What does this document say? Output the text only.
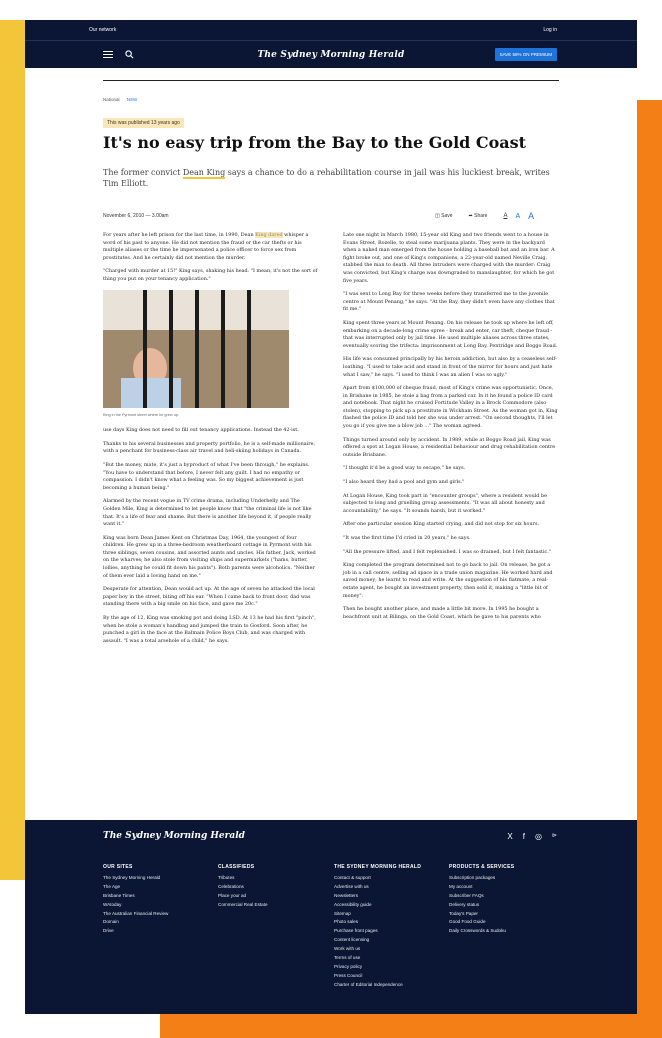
Our network	Log in
The Sydney Morning Herald	SAVE 58% ON PREMIUM
National NSW
This was published 13 years ago
It's no easy trip from the Bay to the Gold Coast
The former convict Dean King says a chance to do a rehabilitation course in jail was his luckiest break, writes Tim Elliott.
November 6, 2010 — 3.00am	◫ Save	➦ Share	A A A

For years after he left prison for the last time, in 1990, Dean King dared whisper a word of his past to anyone. He did not mention the fraud or the car thefts or his multiple aliases or the time he impersonated a police officer to force sex from prostitutes. And he certainly did not mention the murder.

"Charged with murder at 15!" King says, shaking his head. "I mean, it's not the sort of thing you put on your tenancy application."

King in the Pyrmont street where he grew up.

use days King does not need to fill out tenancy applications. Instead the 42-ist.

Thanks to his several businesses and property portfolio, he is a self-made millionaire, with a penchant for business-class air travel and heli-skiing holidays in Canada.

"But the money, mate, it's just a byproduct of what I've been through," he explains. "You have to understand that before, I never felt any guilt. I had no empathy or compassion. I didn't know what a feeling was. So my biggest achievement is just becoming a human being."

Alarmed by the recent vogue in TV crime drama, including Underbelly and The Golden Mile, King is determined to let people know that "the criminal life is not like that. It's a life of fear and shame. But there is another life beyond it, if people really want it."

King was born Dean James Kent on Christmas Day, 1964, the youngest of four children. He grew up in a three-bedroom weatherboard cottage in Pyrmont with his three siblings, seven cousins, and assorted aunts and uncles. His father, Jack, worked on the wharves; he also stole from visiting ships and supermarkets ("hams, butter, lollies, anything he could fit down his pants"). Both parents were alcoholics. "Neither of them ever laid a loving hand on me."

Desperate for attention, Dean would act up. At the age of seven he attacked the local paper boy in the street, biting off his ear. "When I came back to front door, dad was standing there with a big smile on his face, and gave me 20c."

By the age of 12, King was smoking pot and doing LSD. At 13 he had his first "pinch", when he stole a woman's handbag and jumped the train to Gosford. Soon after, he punched a girl in the face at the Balmain Police Boys Club, and was charged with assault. "I was a total arsehole of a child," he says.

Late one night in March 1980, 15-year old King and two friends went to a house in Evans Street, Rozelle, to steal some marijuana plants. They were in the backyard when a naked man emerged from the house holding a baseball bat and an iron bar. A fight broke out, and one of King's companions, a 22-year-old named Neville Craig, stabbed the man to death. All three intruders were charged with the murder: Craig was convicted, but King's charge was downgraded to manslaughter, for which he got five years.

"I was sent to Long Bay for three weeks before they transferred me to the juvenile centre at Mount Penang," he says. "At the Bay, they didn't even have any clothes that fit me."

King spent three years at Mount Penang. On his release he took up where he left off, embarking on a decade-long crime spree - break and enter, car theft, cheque fraud - that was interrupted only by jail time. He used multiple aliases across three states, eventually scoring the trifecta: imprisonment at Long Bay, Pentridge and Boggo Road.

His life was consumed principally by his heroin addiction, but also by a ceaseless self-loathing. "I used to take acid and stand in front of the mirror for hours and just hate what I saw," he says. "I used to think I was an alien I was so ugly."

Apart from $100,000 of cheque fraud, most of King's crime was opportunistic. Once, in Brisbane in 1985, he stole a bag from a parked car. In it he found a police ID card and notebook. That night he cruised Fortitude Valley in a Brock Commodore (also stolen), stopping to pick up a prostitute in Wickham Street. As the woman got in, King flashed the police ID and told her she was under arrest. "On second thoughts, I'll let you go if you give me a blow job ..." The woman agreed.

Things turned around only by accident. In 1989, while at Boggo Road jail, King was offered a spot at Logan House, a residential behaviour and drug rehabilitation centre outside Brisbane.

"I thought it'd be a good way to escape," he says.

"I also heard they had a pool and gym and girls."

At Logan House, King took part in "encounter groups", where a resident would be subjected to long and gruelling group assessments. "It was all about honesty and accountability," he says. "It sounds harsh, but it worked."

After one particular session King started crying, and did not stop for six hours.

"It was the first time I'd cried in 20 years," he says.

"All the pressure lifted, and I felt replenished. I was so drained, but I felt fantastic."

King completed the program determined not to go back to jail. On release, he got a job in a call centre, selling ad space in a trade union magazine. He worked hard and saved money; he learnt to read and write. At the suggestion of his flatmate, a real-estate agent, he bought an investment property, then sold it, making a "little bit of money".

Then he bought another place, and made a little bit more. In 1995 he bought a beachfront unit at Bilinga, on the Gold Coast, which he gave to his parents who

The Sydney Morning Herald	X f ◎ ⊳
OUR SITES
The Sydney Morning Herald
The Age
Brisbane Times
WAtoday
The Australian Financial Review
Domain
Drive
CLASSIFIEDS
Tributes
Celebrations
Place your ad
Commercial Real Estate
THE SYDNEY MORNING HERALD
Contact & support
Advertise with us
Newsletters
Accessibility guide
Sitemap
Photo sales
Purchase front pages
Content licensing
Work with us
Terms of use
Privacy policy
Press Council
Charter of Editorial Independence
PRODUCTS & SERVICES
Subscription packages
My account
Subscriber FAQs
Delivery status
Today's Paper
Good Food Guide
Daily Crosswords & Sudoku
